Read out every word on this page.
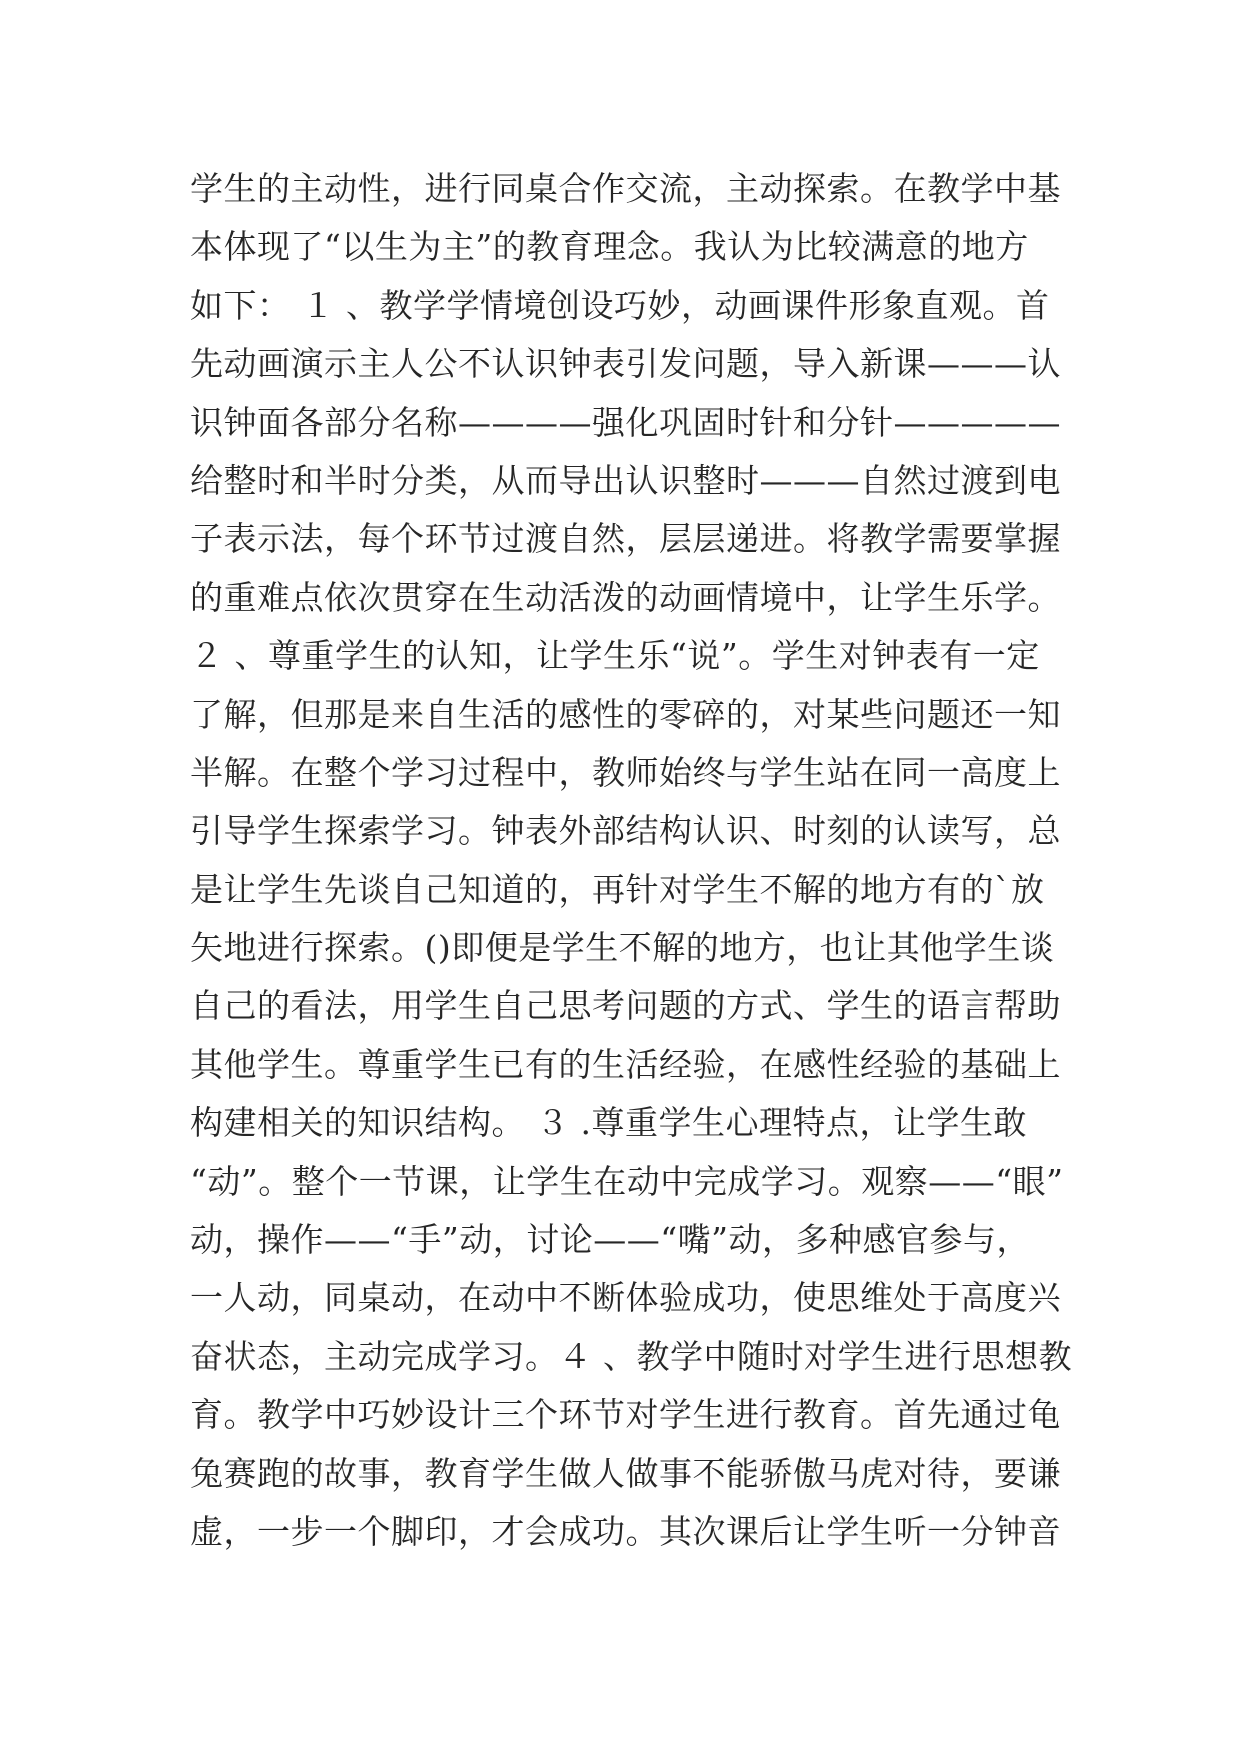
学生的主动性，进行同桌合作交流，主动探索。在教学中基
本体现了“以生为主”的教育理念。我认为比较满意的地方
如下： １ 、教学学情境创设巧妙，动画课件形象直观。首
先动画演示主人公不认识钟表引发问题，导入新课———认
识钟面各部分名称————强化巩固时针和分针—————
给整时和半时分类，从而导出认识整时———自然过渡到电
子表示法，每个环节过渡自然，层层递进。将教学需要掌握
的重难点依次贯穿在生动活泼的动画情境中，让学生乐学。
２ 、尊重学生的认知，让学生乐“说”。学生对钟表有一定
了解，但那是来自生活的感性的零碎的，对某些问题还一知
半解。在整个学习过程中，教师始终与学生站在同一高度上
引导学生探索学习。钟表外部结构认识、时刻的认读写，总
是让学生先谈自己知道的，再针对学生不解的地方有的`放
矢地进行探索。()即便是学生不解的地方，也让其他学生谈
自己的看法，用学生自己思考问题的方式、学生的语言帮助
其他学生。尊重学生已有的生活经验，在感性经验的基础上
构建相关的知识结构。 ３ .尊重学生心理特点，让学生敢
“动”。整个一节课，让学生在动中完成学习。观察——“眼”
动，操作——“手”动，讨论——“嘴”动，多种感官参与，
一人动，同桌动，在动中不断体验成功，使思维处于高度兴
奋状态，主动完成学习。４ 、教学中随时对学生进行思想教
育。教学中巧妙设计三个环节对学生进行教育。首先通过龟
兔赛跑的故事，教育学生做人做事不能骄傲马虎对待，要谦
虚，一步一个脚印，才会成功。其次课后让学生听一分钟音
